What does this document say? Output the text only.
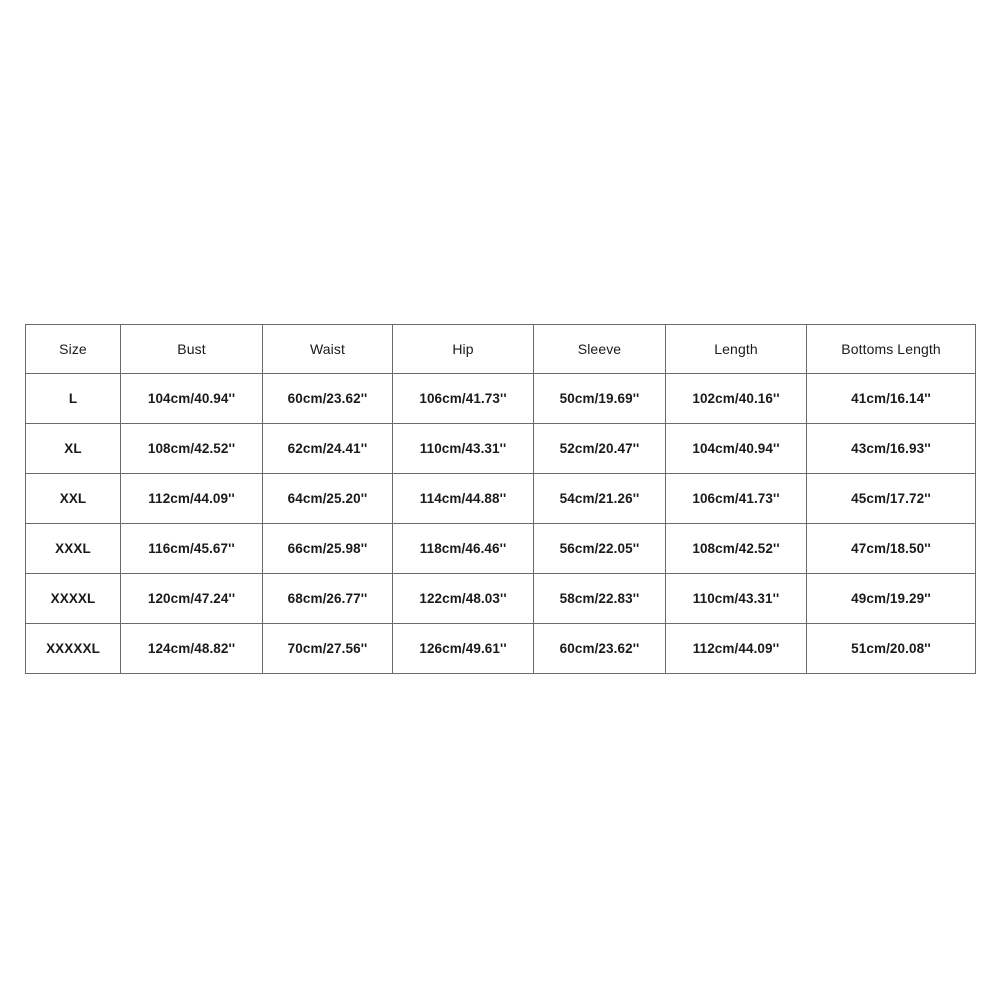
Size	Bust	Waist	Hip	Sleeve	Length	Bottoms Length
L	104cm/40.94''	60cm/23.62''	106cm/41.73''	50cm/19.69''	102cm/40.16''	41cm/16.14''
XL	108cm/42.52''	62cm/24.41''	110cm/43.31''	52cm/20.47''	104cm/40.94''	43cm/16.93''
XXL	112cm/44.09''	64cm/25.20''	114cm/44.88''	54cm/21.26''	106cm/41.73''	45cm/17.72''
XXXL	116cm/45.67''	66cm/25.98''	118cm/46.46''	56cm/22.05''	108cm/42.52''	47cm/18.50''
XXXXL	120cm/47.24''	68cm/26.77''	122cm/48.03''	58cm/22.83''	110cm/43.31''	49cm/19.29''
XXXXXL	124cm/48.82''	70cm/27.56''	126cm/49.61''	60cm/23.62''	112cm/44.09''	51cm/20.08''
